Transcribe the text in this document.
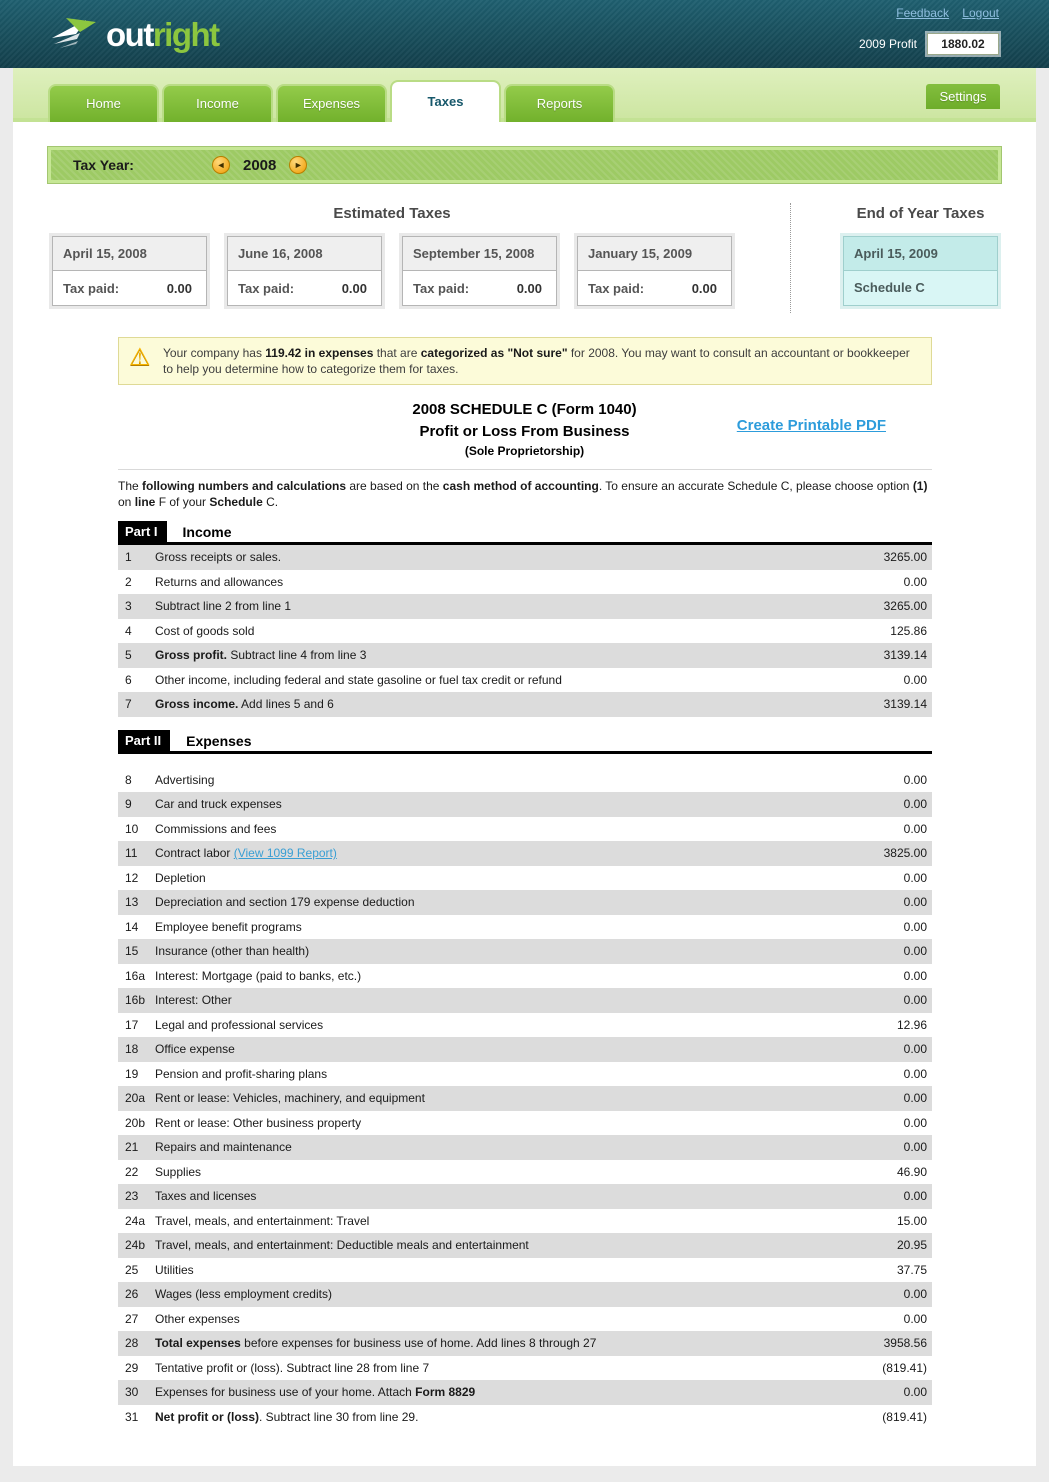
outright
Feedback Logout
2009 Profit
1880.02
Home	Income	Expenses	Taxes	Reports	Settings
Tax Year:	◄	2008	►
Estimated Taxes
April 15, 2008
Tax paid:	0.00
June 16, 2008
Tax paid:	0.00
September 15, 2008
Tax paid:	0.00
January 15, 2009
Tax paid:	0.00
End of Year Taxes
April 15, 2009
Schedule C
⚠ Your company has 119.42 in expenses that are categorized as "Not sure" for 2008. You may want to consult an accountant or bookkeeper to help you determine how to categorize them for taxes.
2008 SCHEDULE C (Form 1040)
Profit or Loss From Business
(Sole Proprietorship)
Create Printable PDF

The following numbers and calculations are based on the cash method of accounting. To ensure an accurate Schedule C, please choose option (1) on line F of your Schedule C.

Part I	Income
1	Gross receipts or sales.	3265.00
2	Returns and allowances	0.00
3	Subtract line 2 from line 1	3265.00
4	Cost of goods sold	125.86
5	Gross profit. Subtract line 4 from line 3	3139.14
6	Other income, including federal and state gasoline or fuel tax credit or refund	0.00
7	Gross income. Add lines 5 and 6	3139.14
Part II	Expenses
8	Advertising	0.00
9	Car and truck expenses	0.00
10	Commissions and fees	0.00
11	Contract labor (View 1099 Report)	3825.00
12	Depletion	0.00
13	Depreciation and section 179 expense deduction	0.00
14	Employee benefit programs	0.00
15	Insurance (other than health)	0.00
16a Interest: Mortgage (paid to banks, etc.)	0.00
16b Interest: Other	0.00
17	Legal and professional services	12.96
18	Office expense	0.00
19	Pension and profit-sharing plans	0.00
20a Rent or lease: Vehicles, machinery, and equipment	0.00
20b Rent or lease: Other business property	0.00
21	Repairs and maintenance	0.00
22	Supplies	46.90
23	Taxes and licenses	0.00
24a Travel, meals, and entertainment: Travel	15.00
24b Travel, meals, and entertainment: Deductible meals and entertainment	20.95
25	Utilities	37.75
26	Wages (less employment credits)	0.00
27	Other expenses	0.00
28	Total expenses before expenses for business use of home. Add lines 8 through 27	3958.56
29	Tentative profit or (loss). Subtract line 28 from line 7	(819.41)
30	Expenses for business use of your home. Attach Form 8829	0.00
31	Net profit or (loss). Subtract line 30 from line 29.	(819.41)
